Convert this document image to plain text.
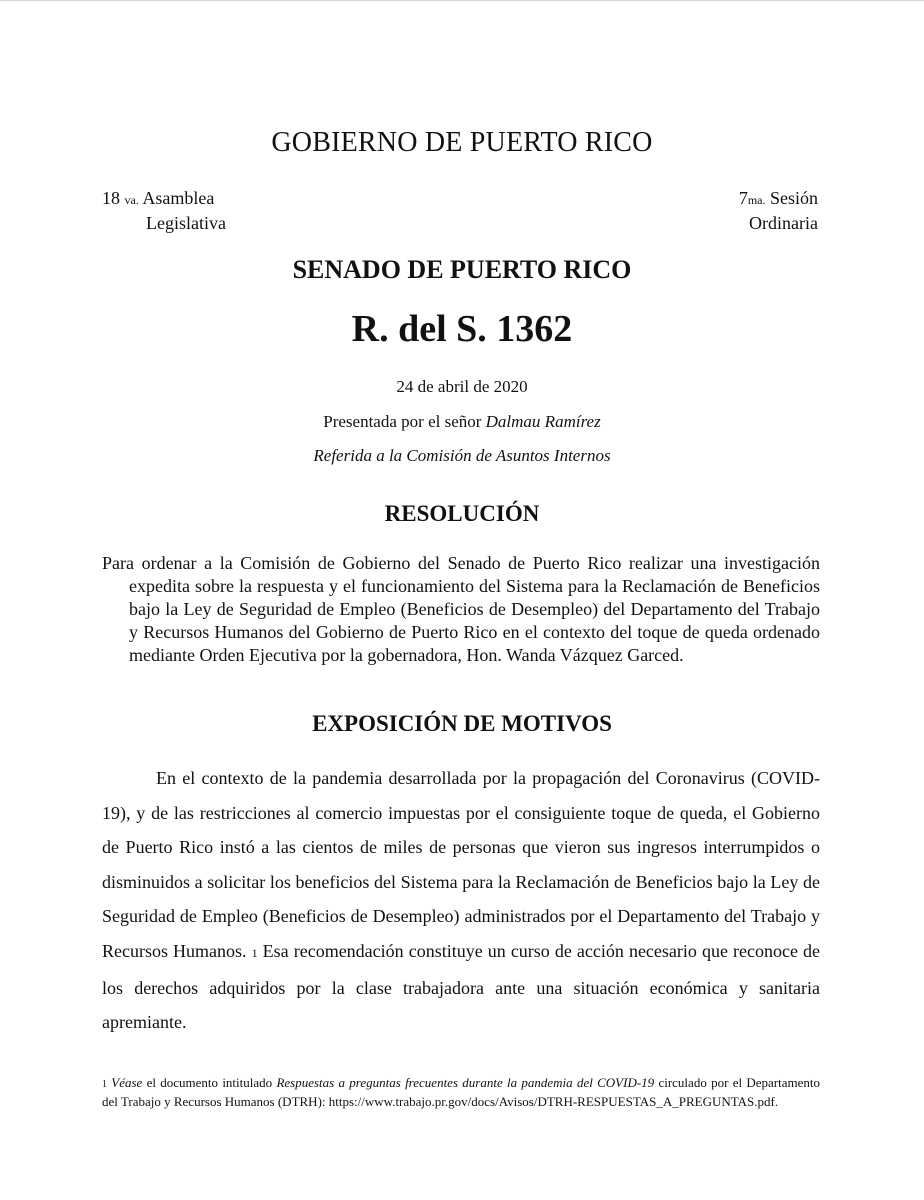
GOBIERNO DE PUERTO RICO
18 va. Asamblea
Legislativa
7ma. Sesión
Ordinaria
SENADO DE PUERTO RICO
R. del S. 1362
24 de abril de 2020
Presentada por el señor Dalmau Ramírez
Referida a la Comisión de Asuntos Internos
RESOLUCIÓN

Para ordenar a la Comisión de Gobierno del Senado de Puerto Rico realizar una investigación expedita sobre la respuesta y el funcionamiento del Sistema para la Reclamación de Beneficios bajo la Ley de Seguridad de Empleo (Beneficios de Desempleo) del Departamento del Trabajo y Recursos Humanos del Gobierno de Puerto Rico en el contexto del toque de queda ordenado mediante Orden Ejecutiva por la gobernadora, Hon. Wanda Vázquez Garced.

EXPOSICIÓN DE MOTIVOS

En el contexto de la pandemia desarrollada por la propagación del Coronavirus (COVID-19), y de las restricciones al comercio impuestas por el consiguiente toque de queda, el Gobierno de Puerto Rico instó a las cientos de miles de personas que vieron sus ingresos interrumpidos o disminuidos a solicitar los beneficios del Sistema para la Reclamación de Beneficios bajo la Ley de Seguridad de Empleo (Beneficios de Desempleo) administrados por el Departamento del Trabajo y Recursos Humanos. 1 Esa recomendación constituye un curso de acción necesario que reconoce de los derechos adquiridos por la clase trabajadora ante una situación económica y sanitaria apremiante.

1 Véase el documento intitulado Respuestas a preguntas frecuentes durante la pandemia del COVID-19 circulado por el Departamento del Trabajo y Recursos Humanos (DTRH): https://www.trabajo.pr.gov/docs/Avisos/DTRH-RESPUESTAS_A_PREGUNTAS.pdf.
